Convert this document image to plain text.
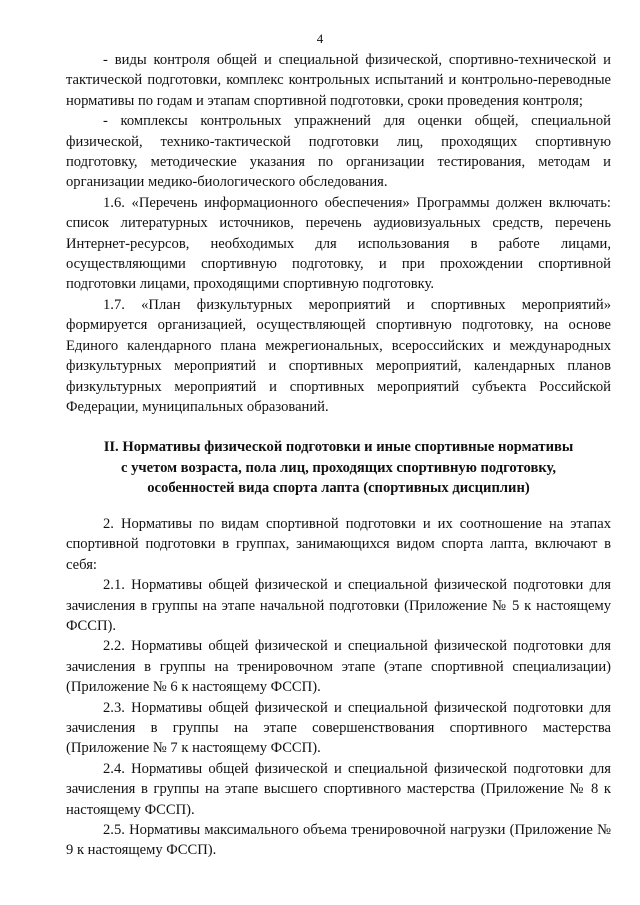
4

- виды контроля общей и специальной физической, спортивно-технической и тактической подготовки, комплекс контрольных испытаний и контрольно-переводные нормативы по годам и этапам спортивной подготовки, сроки проведения контроля;

- комплексы контрольных упражнений для оценки общей, специальной физической, технико-тактической подготовки лиц, проходящих спортивную подготовку, методические указания по организации тестирования, методам и организации медико-биологического обследования.

1.6. «Перечень информационного обеспечения» Программы должен включать: список литературных источников, перечень аудиовизуальных средств, перечень Интернет-ресурсов, необходимых для использования в работе лицами, осуществляющими спортивную подготовку, и при прохождении спортивной подготовки лицами, проходящими спортивную подготовку.

1.7. «План физкультурных мероприятий и спортивных мероприятий» формируется организацией, осуществляющей спортивную подготовку, на основе Единого календарного плана межрегиональных, всероссийских и международных физкультурных мероприятий и спортивных мероприятий, календарных планов физкультурных мероприятий и спортивных мероприятий субъекта Российской Федерации, муниципальных образований.

II. Нормативы физической подготовки и иные спортивные нормативы
с учетом возраста, пола лиц, проходящих спортивную подготовку,
особенностей вида спорта лапта (спортивных дисциплин)

2. Нормативы по видам спортивной подготовки и их соотношение на этапах спортивной подготовки в группах, занимающихся видом спорта лапта, включают в себя:

2.1. Нормативы общей физической и специальной физической подготовки для зачисления в группы на этапе начальной подготовки (Приложение № 5 к настоящему ФССП).

2.2. Нормативы общей физической и специальной физической подготовки для зачисления в группы на тренировочном этапе (этапе спортивной специализации) (Приложение № 6 к настоящему ФССП).

2.3. Нормативы общей физической и специальной физической подготовки для зачисления в группы на этапе совершенствования спортивного мастерства (Приложение № 7 к настоящему ФССП).

2.4. Нормативы общей физической и специальной физической подготовки для зачисления в группы на этапе высшего спортивного мастерства (Приложение № 8 к настоящему ФССП).

2.5. Нормативы максимального объема тренировочной нагрузки (Приложение № 9 к настоящему ФССП).
